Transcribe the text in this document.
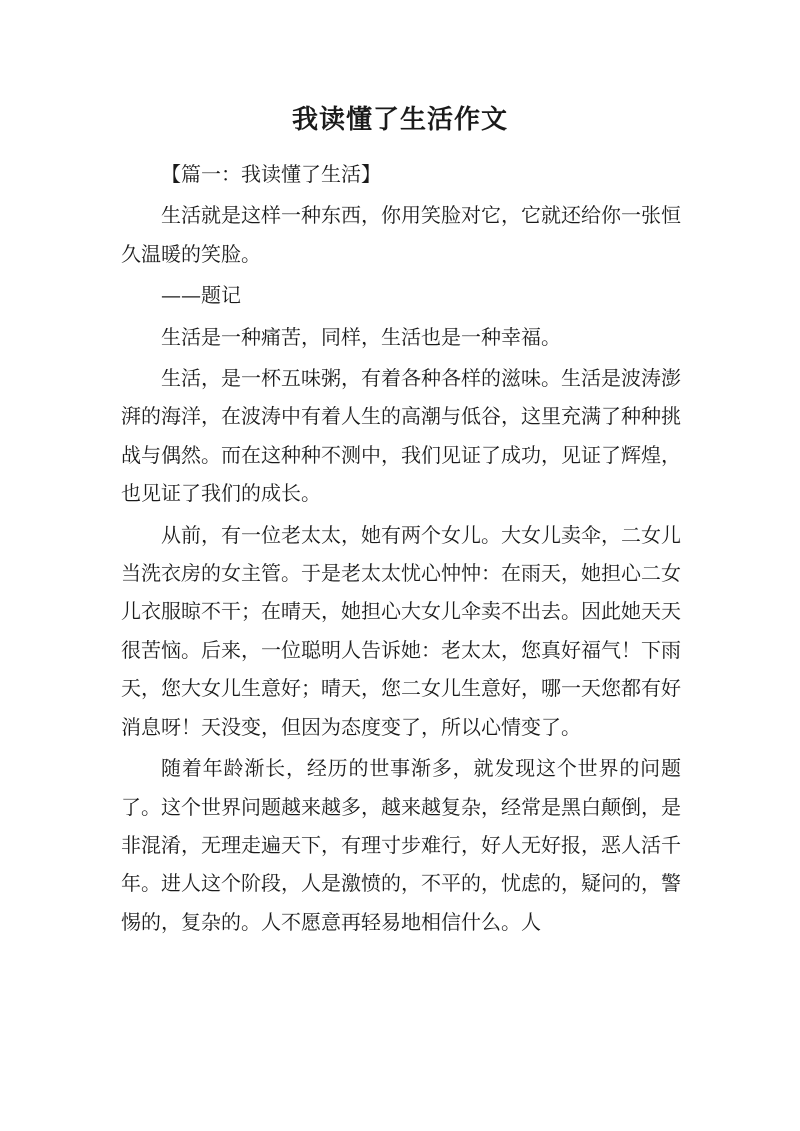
我读懂了生活作文

【篇一：我读懂了生活】

生活就是这样一种东西，你用笑脸对它，它就还给你一张恒久温暖的笑脸。

——题记

生活是一种痛苦，同样，生活也是一种幸福。

生活，是一杯五味粥，有着各种各样的滋味。生活是波涛澎湃的海洋，在波涛中有着人生的高潮与低谷，这里充满了种种挑战与偶然。而在这种种不测中，我们见证了成功，见证了辉煌，也见证了我们的成长。

从前，有一位老太太，她有两个女儿。大女儿卖伞，二女儿当洗衣房的女主管。于是老太太忧心忡忡：在雨天，她担心二女儿衣服晾不干；在晴天，她担心大女儿伞卖不出去。因此她天天很苦恼。后来，一位聪明人告诉她：老太太，您真好福气！下雨天，您大女儿生意好；晴天，您二女儿生意好，哪一天您都有好消息呀！天没变，但因为态度变了，所以心情变了。

随着年龄渐长，经历的世事渐多，就发现这个世界的问题了。这个世界问题越来越多，越来越复杂，经常是黑白颠倒，是非混淆，无理走遍天下，有理寸步难行，好人无好报，恶人活千年。进人这个阶段，人是激愤的，不平的，忧虑的，疑问的，警惕的，复杂的。人不愿意再轻易地相信什么。人
